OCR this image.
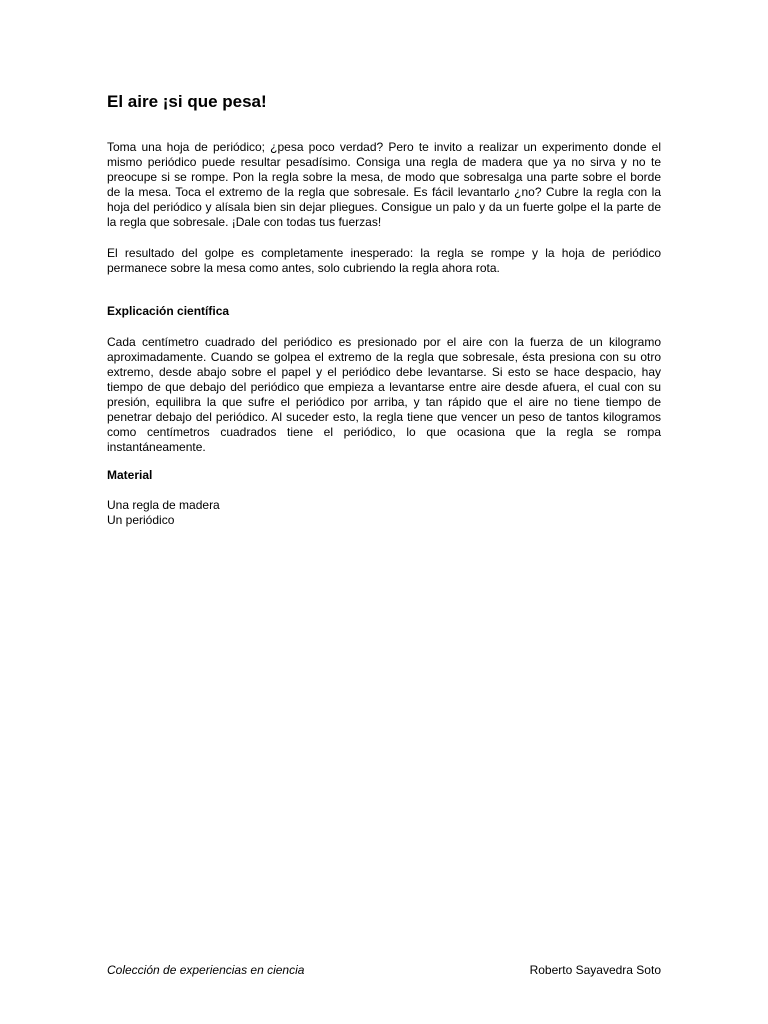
El aire ¡si que pesa!

Toma una hoja de periódico; ¿pesa poco verdad? Pero te invito a realizar un experimento donde el mismo periódico puede resultar pesadísimo. Consiga una regla de madera que ya no sirva y no te preocupe si se rompe. Pon la regla sobre la mesa, de modo que sobresalga una parte sobre el borde de la mesa. Toca el extremo de la regla que sobresale. Es fácil levantarlo ¿no? Cubre la regla con la hoja del periódico y alísala bien sin dejar pliegues. Consigue un palo y da un fuerte golpe el la parte de la regla que sobresale. ¡Dale con todas tus fuerzas!

El resultado del golpe es completamente inesperado: la regla se rompe y la hoja de periódico permanece sobre la mesa como antes, solo cubriendo la regla ahora rota.

Explicación científica

Cada centímetro cuadrado del periódico es presionado por el aire con la fuerza de un kilogramo aproximadamente. Cuando se golpea el extremo de la regla que sobresale, ésta presiona con su otro extremo, desde abajo sobre el papel y el periódico debe levantarse. Si esto se hace despacio, hay tiempo de que debajo del periódico que empieza a levantarse entre aire desde afuera, el cual con su presión, equilibra la que sufre el periódico por arriba, y tan rápido que el aire no tiene tiempo de penetrar debajo del periódico. Al suceder esto, la regla tiene que vencer un peso de tantos kilogramos como centímetros cuadrados tiene el periódico, lo que ocasiona que la regla se rompa instantáneamente.

Material
Una regla de madera
Un periódico
Colección de experiencias en ciencia	Roberto Sayavedra Soto
